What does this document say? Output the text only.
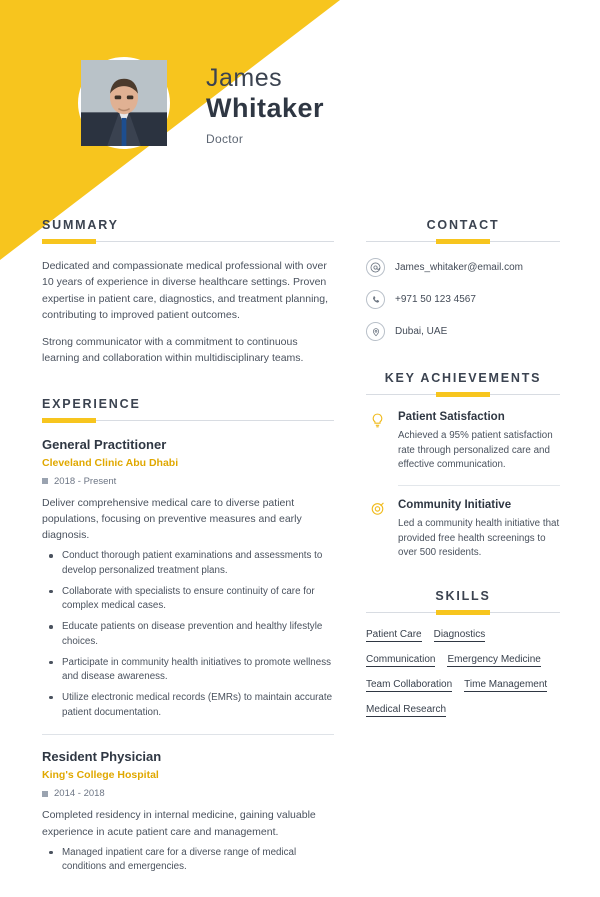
James
Whitaker
Doctor
SUMMARY

Dedicated and compassionate medical professional with over 10 years of experience in diverse healthcare settings. Proven expertise in patient care, diagnostics, and treatment planning, contributing to improved patient outcomes.

Strong communicator with a commitment to continuous learning and collaboration within multidisciplinary teams.

EXPERIENCE
General Practitioner
Cleveland Clinic Abu Dhabi
2018 - Present
Deliver comprehensive medical care to diverse patient populations, focusing on preventive measures and early diagnosis.
Conduct thorough patient examinations and assessments to develop personalized treatment plans.
Collaborate with specialists to ensure continuity of care for complex medical cases.
Educate patients on disease prevention and healthy lifestyle choices.
Participate in community health initiatives to promote wellness and disease awareness.
Utilize electronic medical records (EMRs) to maintain accurate patient documentation.
Resident Physician
King's College Hospital
2014 - 2018
Completed residency in internal medicine, gaining valuable experience in acute patient care and management.
Managed inpatient care for a diverse range of medical conditions and emergencies.
CONTACT
James_whitaker@email.com
+971 50 123 4567
Dubai, UAE
KEY ACHIEVEMENTS
Patient Satisfaction
Achieved a 95% patient satisfaction rate through personalized care and effective communication.
Community Initiative
Led a community health initiative that provided free health screenings to over 500 residents.
SKILLS
Patient Care Diagnostics
Communication Emergency Medicine
Team Collaboration Time Management
Medical Research
